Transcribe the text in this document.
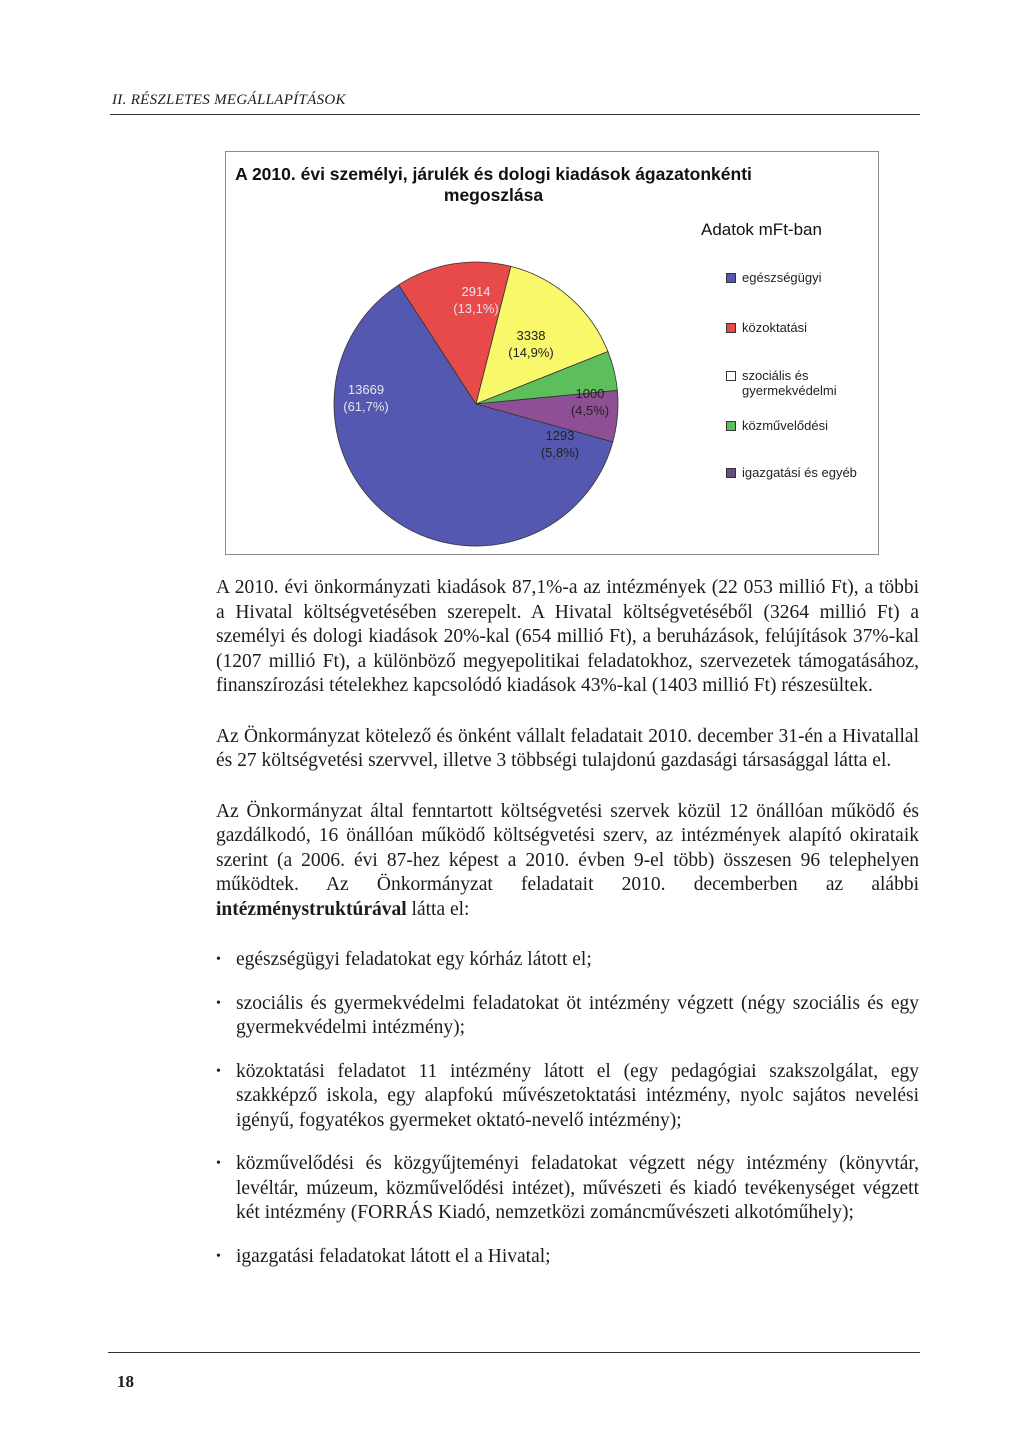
II. RÉSZLETES MEGÁLLAPÍTÁSOK
A 2010. évi személyi, járulék és dologi kiadások ágazatonkénti
megoszlása
Adatok mFt-ban
13669 (61,7%)
2914 (13,1%)
3338 (14,9%)
1000 (4,5%)
1293 (5,8%)
egészségügyi
közoktatási
szociális és gyermekvédelmi
közművelődési
igazgatási és egyéb

A 2010. évi önkormányzati kiadások 87,1%-a az intézmények (22 053 millió Ft), a többi a Hivatal költségvetésében szerepelt. A Hivatal költségvetéséből (3264 millió Ft) a személyi és dologi kiadások 20%-kal (654 millió Ft), a beruházások, felújítások 37%-kal (1207 millió Ft), a különböző megyepolitikai feladatokhoz, szervezetek támogatásához, finanszírozási tételekhez kapcsolódó kiadások 43%-kal (1403 millió Ft) részesültek.

Az Önkormányzat kötelező és önként vállalt feladatait 2010. december 31-én a Hivatallal és 27 költségvetési szervvel, illetve 3 többségi tulajdonú gazdasági társasággal látta el.

Az Önkormányzat által fenntartott költségvetési szervek közül 12 önállóan működő és gazdálkodó, 16 önállóan működő költségvetési szerv, az intézmények alapító okirataik szerint (a 2006. évi 87-hez képest a 2010. évben 9-el több) összesen 96 telephelyen működtek. Az Önkormányzat feladatait 2010. decemberben az alábbi intézménystruktúrával látta el:

• egészségügyi feladatokat egy kórház látott el;
• szociális és gyermekvédelmi feladatokat öt intézmény végzett (négy szociális és egy gyermekvédelmi intézmény);
• közoktatási feladatot 11 intézmény látott el (egy pedagógiai szakszolgálat, egy szakképző iskola, egy alapfokú művészetoktatási intézmény, nyolc sajátos nevelési igényű, fogyatékos gyermeket oktató-nevelő intézmény);
• közművelődési és közgyűjteményi feladatokat végzett négy intézmény (könyvtár, levéltár, múzeum, közművelődési intézet), művészeti és kiadó tevékenységet végzett két intézmény (FORRÁS Kiadó, nemzetközi zománcművészeti alkotóműhely);
• igazgatási feladatokat látott el a Hivatal;
18
